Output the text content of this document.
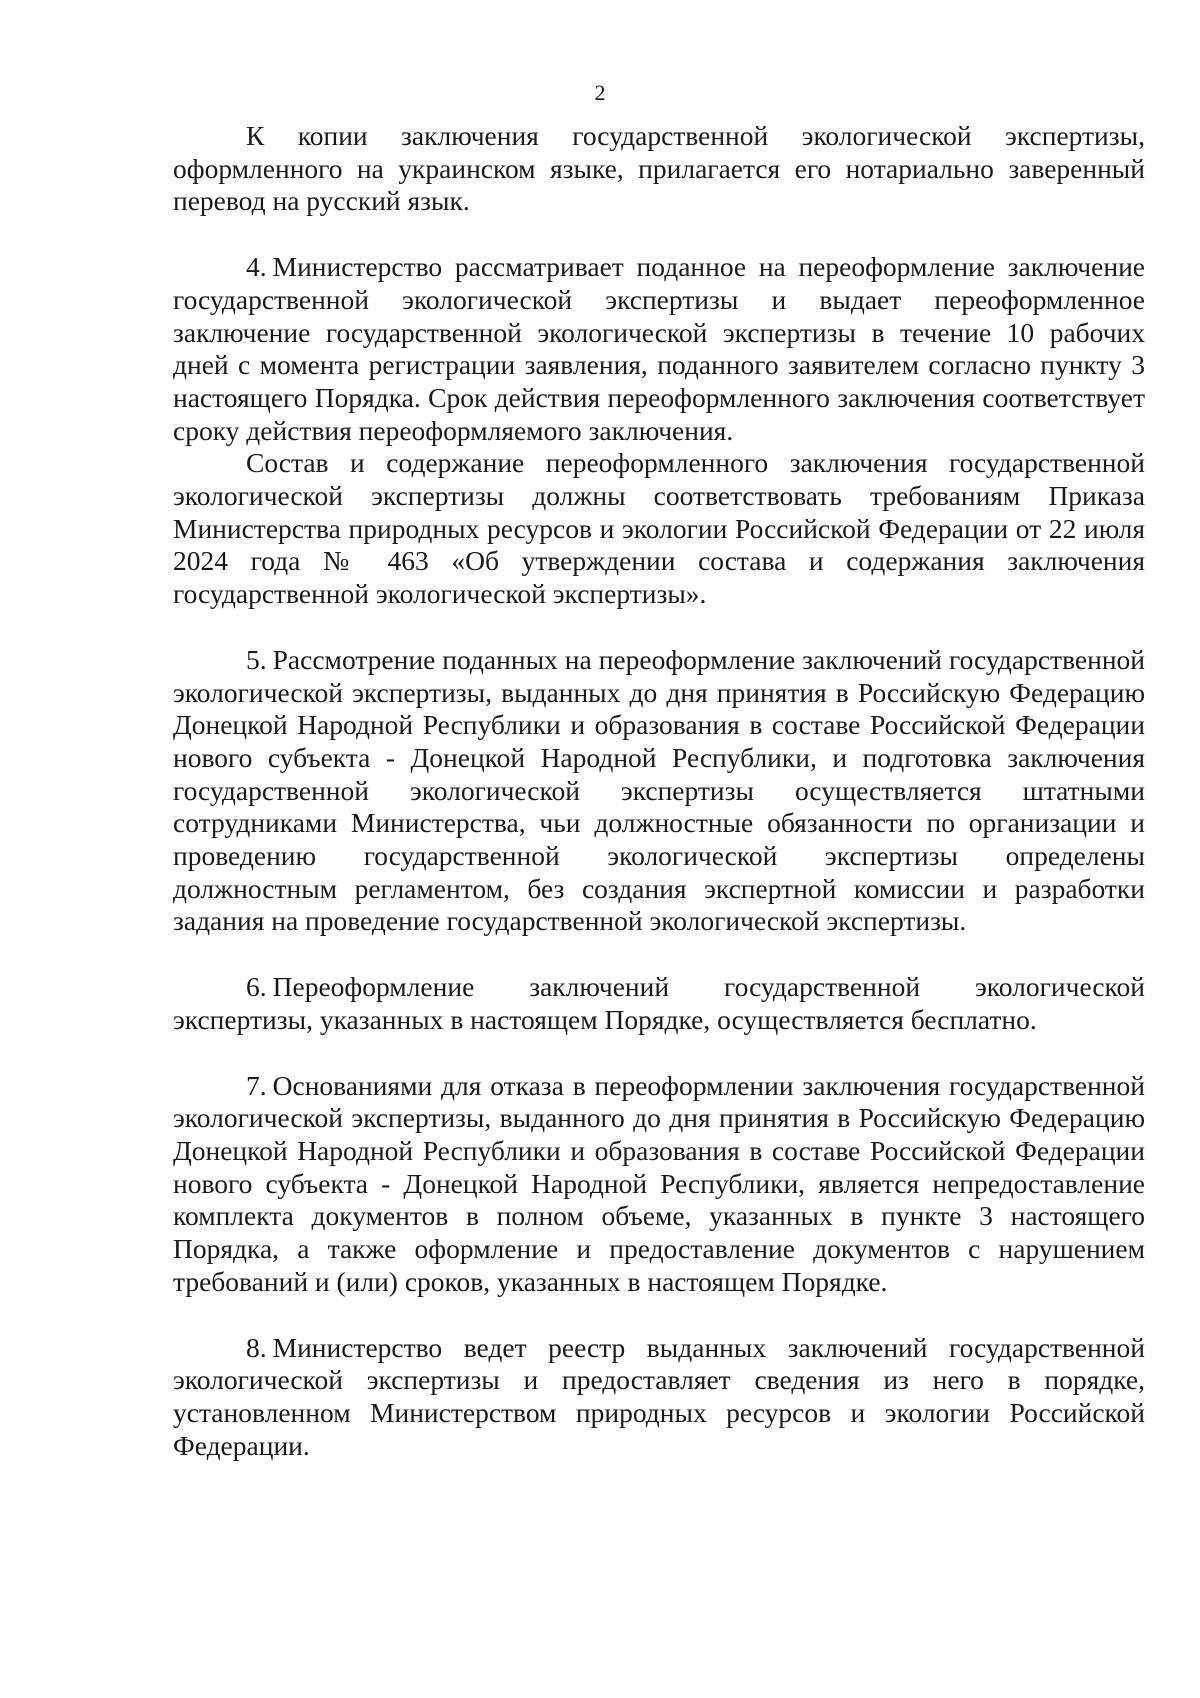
2

К копии заключения государственной экологической экспертизы, оформленного на украинском языке, прилагается его нотариально заверенный перевод на русский язык.

4. Министерство рассматривает поданное на переоформление заключение государственной экологической экспертизы и выдает переоформленное заключение государственной экологической экспертизы в течение 10 рабочих дней с момента регистрации заявления, поданного заявителем согласно пункту 3 настоящего Порядка. Срок действия переоформленного заключения соответствует сроку действия переоформляемого заключения.

Состав и содержание переоформленного заключения государственной экологической экспертизы должны соответствовать требованиям Приказа Министерства природных ресурсов и экологии Российской Федерации от 22 июля 2024 года № 463 «Об утверждении состава и содержания заключения государственной экологической экспертизы».

5. Рассмотрение поданных на переоформление заключений государственной экологической экспертизы, выданных до дня принятия в Российскую Федерацию Донецкой Народной Республики и образования в составе Российской Федерации нового субъекта - Донецкой Народной Республики, и подготовка заключения государственной экологической экспертизы осуществляется штатными сотрудниками Министерства, чьи должностные обязанности по организации и проведению государственной экологической экспертизы определены должностным регламентом, без создания экспертной комиссии и разработки задания на проведение государственной экологической экспертизы.

6. Переоформление заключений государственной экологической экспертизы, указанных в настоящем Порядке, осуществляется бесплатно.

7. Основаниями для отказа в переоформлении заключения государственной экологической экспертизы, выданного до дня принятия в Российскую Федерацию Донецкой Народной Республики и образования в составе Российской Федерации нового субъекта - Донецкой Народной Республики, является непредоставление комплекта документов в полном объеме, указанных в пункте 3 настоящего Порядка, а также оформление и предоставление документов с нарушением требований и (или) сроков, указанных в настоящем Порядке.

8. Министерство ведет реестр выданных заключений государственной экологической экспертизы и предоставляет сведения из него в порядке, установленном Министерством природных ресурсов и экологии Российской Федерации.
